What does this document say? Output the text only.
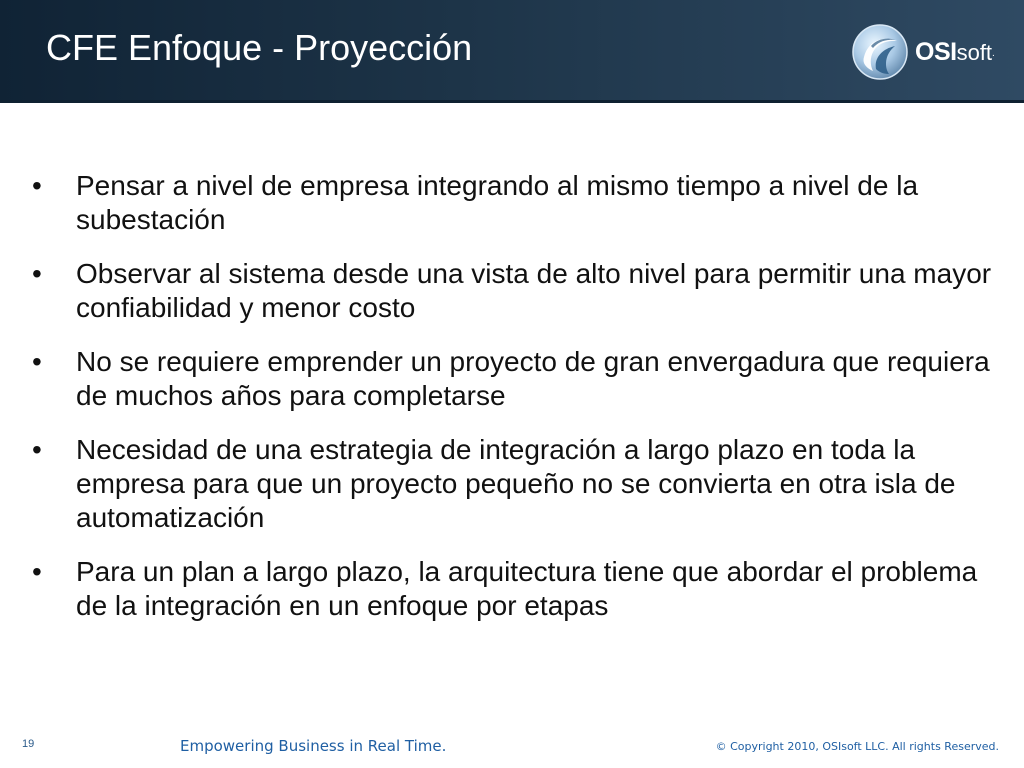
CFE Enfoque - Proyección	OSIsoft.
•	Pensar a nivel de empresa integrando al mismo tiempo a nivel de la subestación
•	Observar al sistema desde una vista de alto nivel para permitir una mayor confiabilidad y menor costo
•	No se requiere emprender un proyecto de gran envergadura que requiera de muchos años para completarse
•	Necesidad de una estrategia de integración a largo plazo en toda la empresa para que un proyecto pequeño no se convierta en otra isla de automatización
•	Para un plan a largo plazo, la arquitectura tiene que abordar el problema de la integración en un enfoque por etapas
19	Empowering Business in Real Time.	© Copyright 2010, OSIsoft LLC. All rights Reserved.
